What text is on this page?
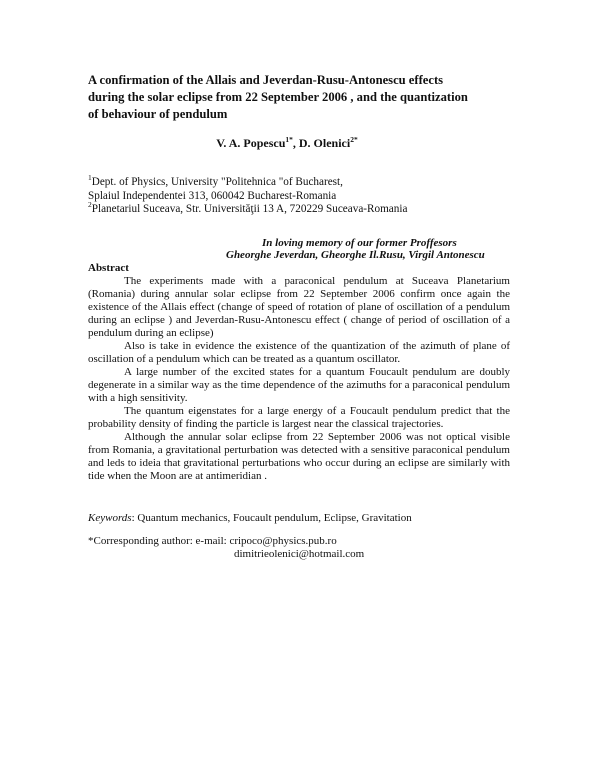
A confirmation of the Allais and Jeverdan-Rusu-Antonescu effects
during the solar eclipse from 22 September 2006 , and the quantization
of behaviour of pendulum
V. A. Popescu$^{1*}$, D. Olenici$^{2*}$
$^1$Dept. of Physics, University "Politehnica "of Bucharest,
Splaiul Independentei 313, 060042 Bucharest-Romania
$^2$Planetariul Suceava, Str. Universităţii 13 A, 720229 Suceava-Romania
In loving memory of our former Proffesors
Gheorghe Jeverdan, Gheorghe Il.Rusu, Virgil Antonescu
Abstract

The experiments made with a paraconical pendulum at Suceava Planetarium (Romania) during annular solar eclipse from 22 September 2006 confirm once again the existence of the Allais effect (change of speed of rotation of plane of oscillation of a pendulum during an eclipse ) and Jeverdan-Rusu-Antonescu effect ( change of period of oscillation of a pendulum during an eclipse)

Also is take in evidence the existence of the quantization of the azimuth of plane of oscillation of a pendulum which can be treated as a quantum oscillator.

A large number of the excited states for a quantum Foucault pendulum are doubly degenerate in a similar way as the time dependence of the azimuths for a paraconical pendulum with a high sensitivity.

The quantum eigenstates for a large energy of a Foucault pendulum predict that the probability density of finding the particle is largest near the classical trajectories.

Although the annular solar eclipse from 22 September 2006 was not optical visible from Romania, a gravitational perturbation was detected with a sensitive paraconical pendulum and leds to ideia that gravitational perturbations who occur during an eclipse are similarly with tide when the Moon are at antimeridian .

Keywords: Quantum mechanics, Foucault pendulum, Eclipse, Gravitation
*Corresponding author: e-mail: cripoco@physics.pub.ro
dimitrieolenici@hotmail.com
